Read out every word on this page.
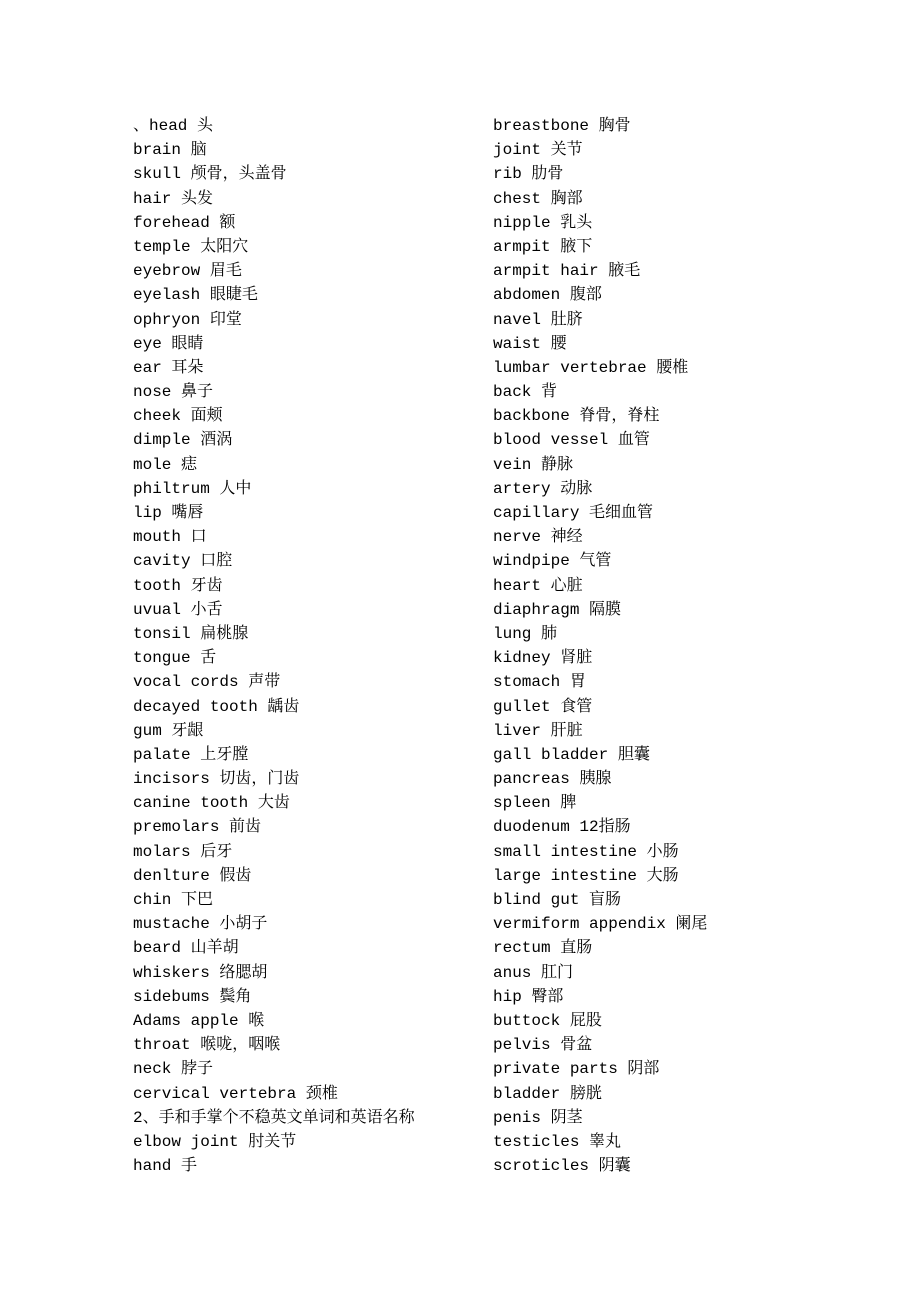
、head 头
brain 脑
skull 颅骨，头盖骨
hair 头发
forehead 额
temple 太阳穴
eyebrow 眉毛
eyelash 眼睫毛
ophryon 印堂
eye 眼睛
ear 耳朵
nose 鼻子
cheek 面颊
dimple 酒涡
mole 痣
philtrum 人中
lip 嘴唇
mouth 口
cavity 口腔
tooth 牙齿
uvual 小舌
tonsil 扁桃腺
tongue 舌
vocal cords 声带
decayed tooth 龋齿
gum 牙龈
palate 上牙膛
incisors 切齿，门齿
canine tooth 大齿
premolars 前齿
molars 后牙
denlture 假齿
chin 下巴
mustache 小胡子
beard 山羊胡
whiskers 络腮胡
sidebums 鬓角
Adams apple 喉
throat 喉咙，咽喉
neck 脖子
cervical vertebra 颈椎
2、手和手掌个不稳英文单词和英语名称
elbow joint 肘关节
hand 手
breastbone 胸骨
joint 关节
rib 肋骨
chest 胸部
nipple 乳头
armpit 腋下
armpit hair 腋毛
abdomen 腹部
navel 肚脐
waist 腰
lumbar vertebrae 腰椎
back 背
backbone 脊骨，脊柱
blood vessel 血管
vein 静脉
artery 动脉
capillary 毛细血管
nerve 神经
windpipe 气管
heart 心脏
diaphragm 隔膜
lung 肺
kidney 肾脏
stomach 胃
gullet 食管
liver 肝脏
gall bladder 胆囊
pancreas 胰腺
spleen 脾
duodenum 12指肠
small intestine 小肠
large intestine 大肠
blind gut 盲肠
vermiform appendix 阑尾
rectum 直肠
anus 肛门
hip 臀部
buttock 屁股
pelvis 骨盆
private parts 阴部
bladder 膀胱
penis 阴茎
testicles 睾丸
scroticles 阴囊
